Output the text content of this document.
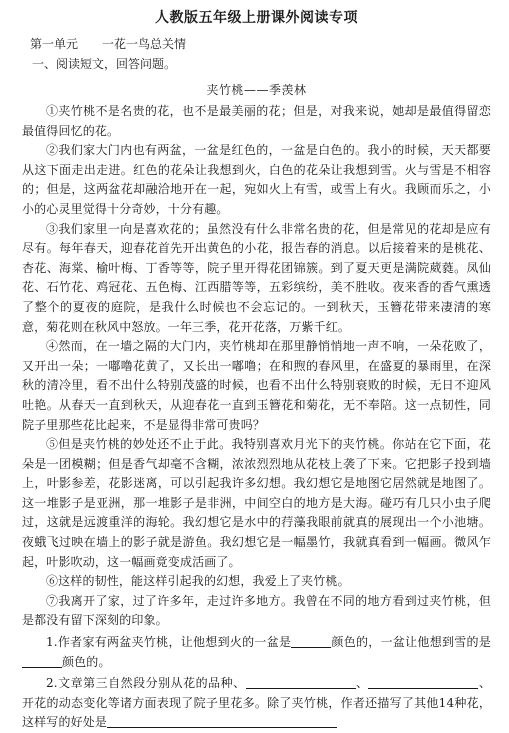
人教版五年级上册课外阅读专项

第一单元 一花一鸟总关情

一、阅读短文，回答问题。

夹竹桃——季羡林

①夹竹桃不是名贵的花，也不是最美丽的花；但是，对我来说，她却是最值得留恋最值得回忆的花。

②我们家大门内也有两盆，一盆是红色的，一盆是白色的。我小的时候，天天都要从这下面走出走进。红色的花朵让我想到火，白色的花朵让我想到雪。火与雪是不相容的；但是，这两盆花却融洽地开在一起，宛如火上有雪，或雪上有火。我顾而乐之，小小的心灵里觉得十分奇妙，十分有趣。

③我们家里一向是喜欢花的；虽然没有什么非常名贵的花，但是常见的花却是应有尽有。每年春天，迎春花首先开出黄色的小花，报告春的消息。以后接着来的是桃花、杏花、海棠、榆叶梅、丁香等等，院子里开得花团锦簇。到了夏天更是满院葳蕤。凤仙花、石竹花、鸡冠花、五色梅、江西腊等等，五彩缤纷，美不胜收。夜来香的香气熏透了整个的夏夜的庭院，是我什么时候也不会忘记的。一到秋天，玉簪花带来凄清的寒意，菊花则在秋风中怒放。一年三季，花开花落，万紫千红。

④然而，在一墙之隔的大门内，夹竹桃却在那里静悄悄地一声不响，一朵花败了，又开出一朵；一嘟噜花黄了，又长出一嘟噜；在和煦的春风里，在盛夏的暴雨里，在深秋的清冷里，看不出什么特别茂盛的时候，也看不出什么特别衰败的时候，无日不迎风吐艳。从春天一直到秋天，从迎春花一直到玉簪花和菊花，无不奉陪。这一点韧性，同院子里那些花比起来，不是显得非常可贵吗？

⑤但是夹竹桃的妙处还不止于此。我特别喜欢月光下的夹竹桃。你站在它下面，花朵是一团模糊；但是香气却毫不含糊，浓浓烈烈地从花枝上袭了下来。它把影子投到墙上，叶影参差，花影迷离，可以引起我许多幻想。我幻想它是地图它居然就是地图了。这一堆影子是亚洲，那一堆影子是非洲，中间空白的地方是大海。碰巧有几只小虫子爬过，这就是远渡重洋的海轮。我幻想它是水中的荇藻我眼前就真的展现出一个小池塘。夜蛾飞过映在墙上的影子就是游鱼。我幻想它是一幅墨竹，我就真看到一幅画。微风乍起，叶影吹动，这一幅画竟变成活画了。

⑥这样的韧性，能这样引起我的幻想，我爱上了夹竹桃。

⑦我离开了家，过了许多年，走过许多地方。我曾在不同的地方看到过夹竹桃，但是都没有留下深刻的印象。

1.作者家有两盆夹竹桃，让他想到火的一盆是	颜色的，一盆让他想到雪的是颜色的。

2.文章第三自然段分别从花的品种、	、	、开花的动态变化等诸方面表现了院子里花多。除了夹竹桃，作者还描写了其他14种花，这样写的好处是
